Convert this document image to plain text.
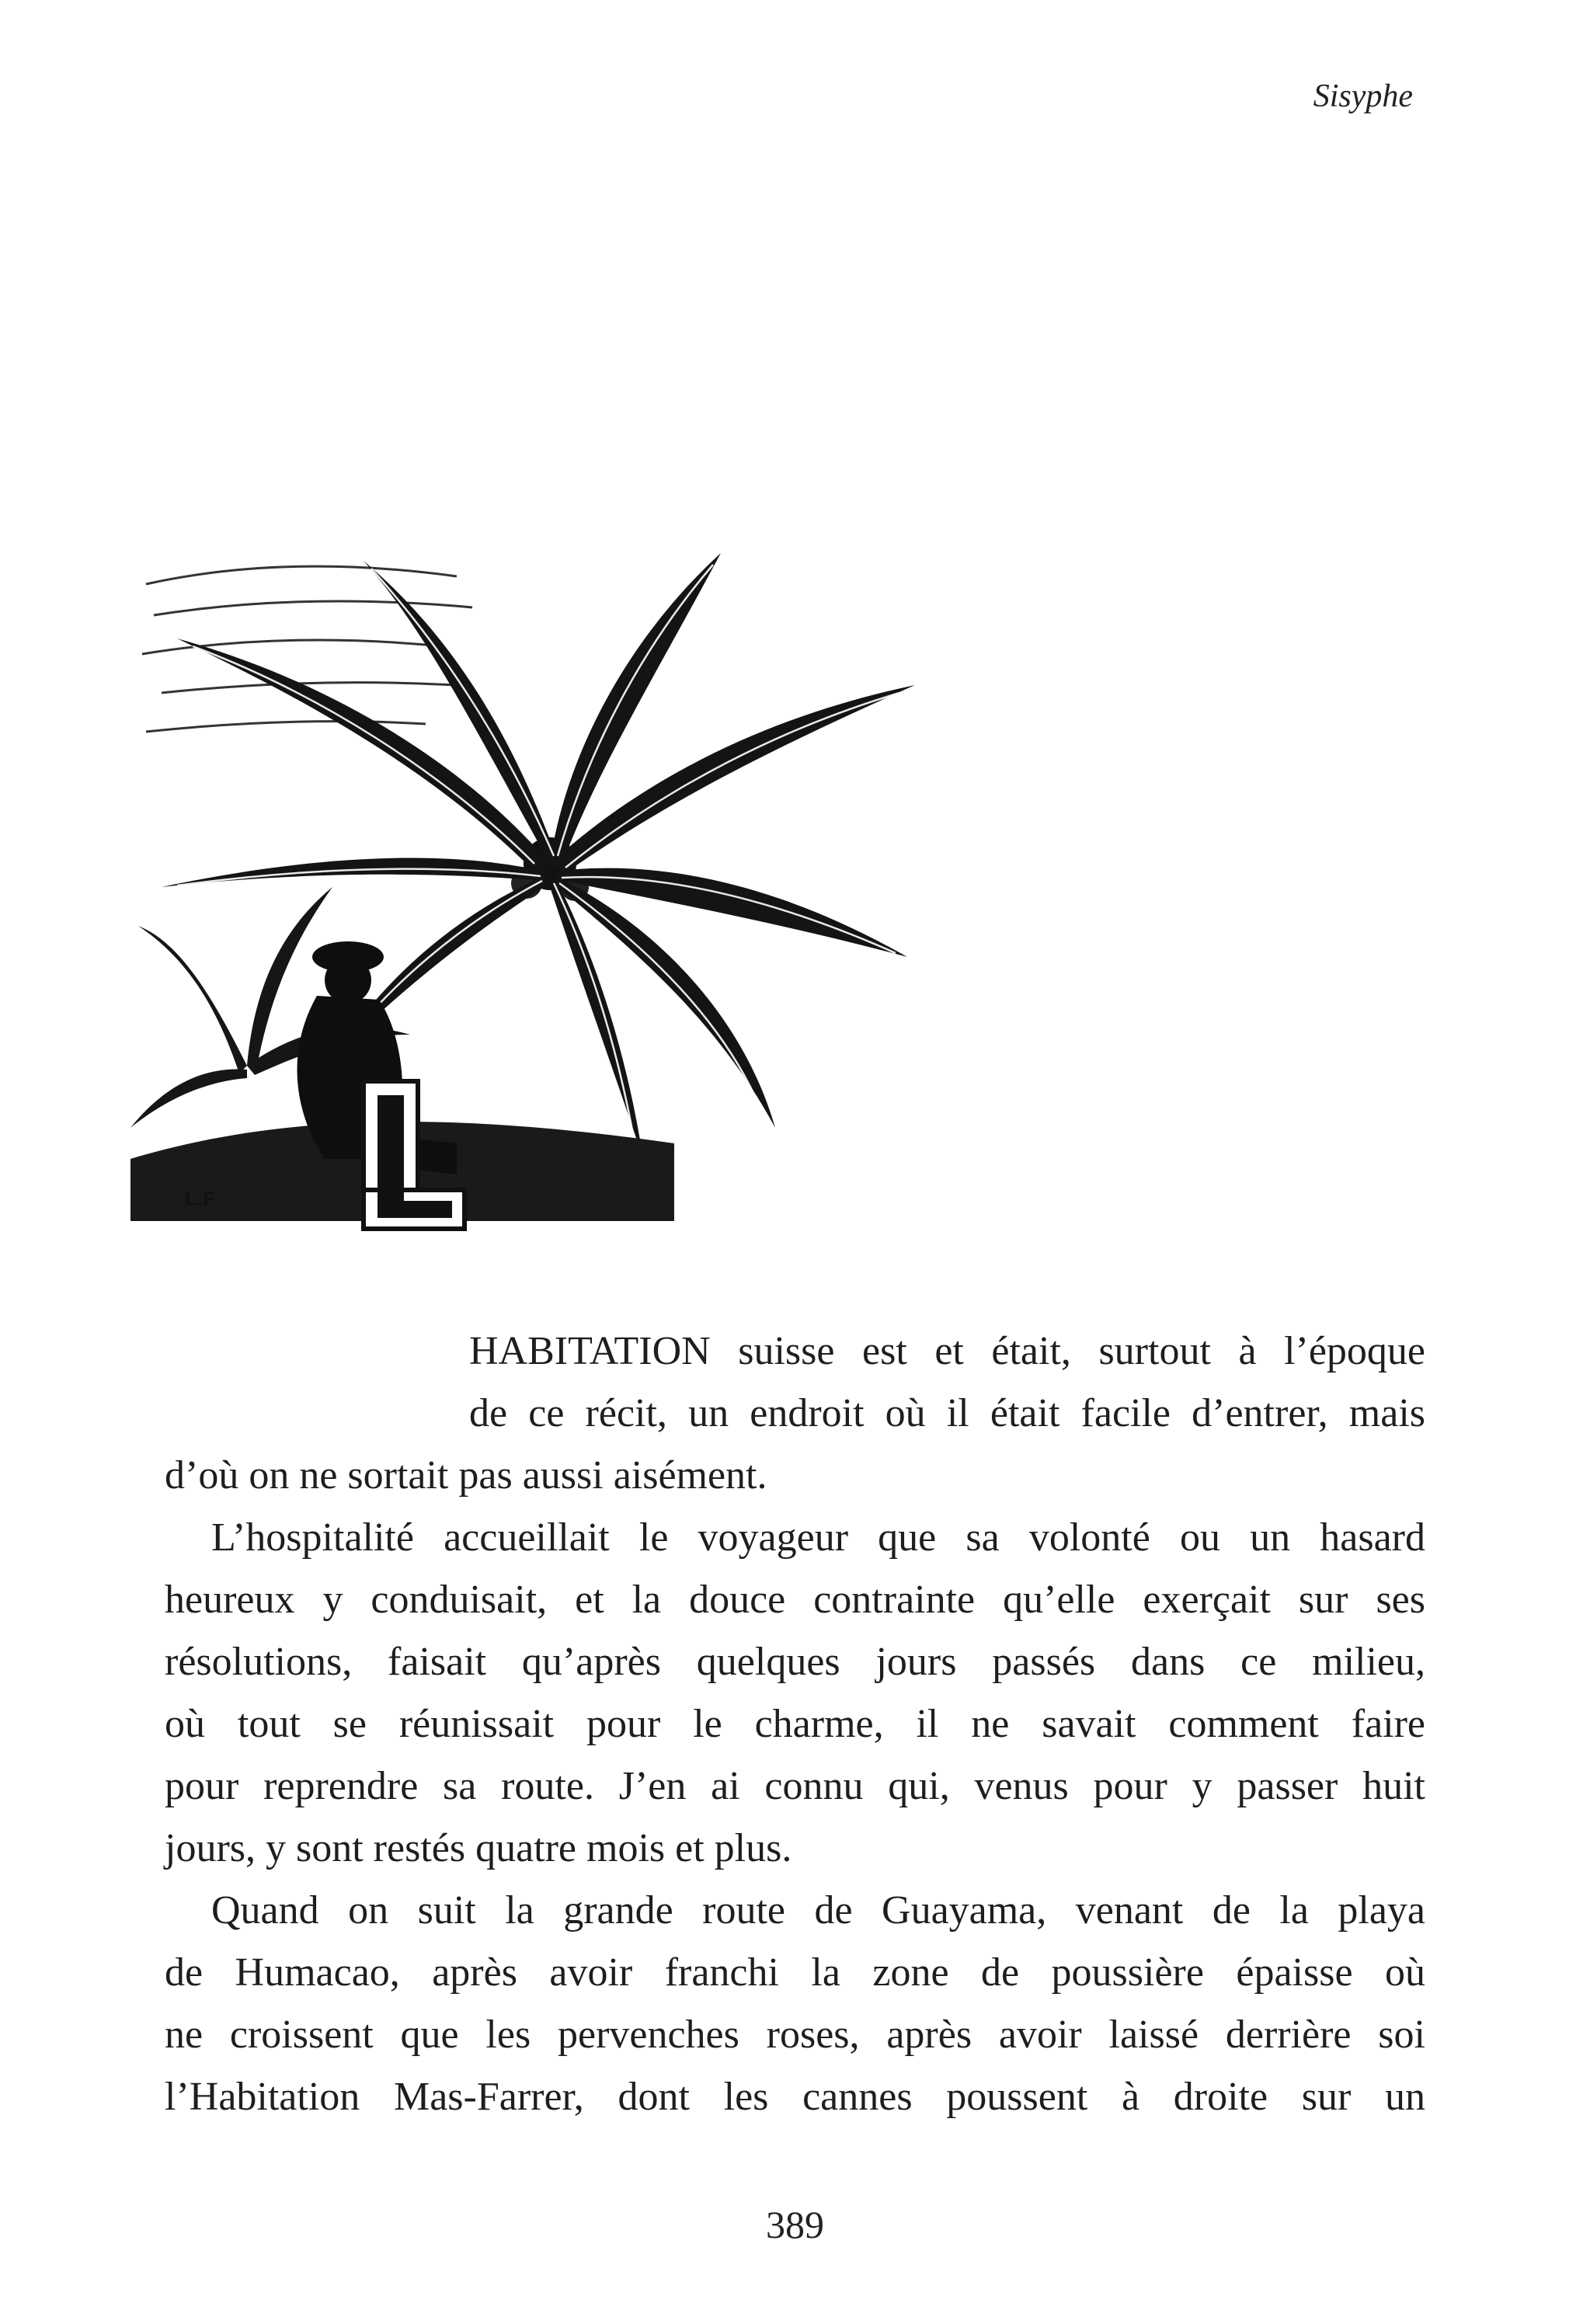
Sisyphe
L.F
HABITATION suisse est et était, surtout à l’époque
de ce récit, un endroit où il était facile d’entrer, mais
d’où on ne sortait pas aussi aisément.
L’hospitalité accueillait le voyageur que sa volonté ou un hasard
heureux y conduisait, et la douce contrainte qu’elle exerçait sur ses
résolutions, faisait qu’après quelques jours passés dans ce milieu,
où tout se réunissait pour le charme, il ne savait comment faire
pour reprendre sa route. J’en ai connu qui, venus pour y passer huit
jours, y sont restés quatre mois et plus.
Quand on suit la grande route de Guayama, venant de la playa
de Humacao, après avoir franchi la zone de poussière épaisse où
ne croissent que les pervenches roses, après avoir laissé derrière soi
l’Habitation Mas-Farrer, dont les cannes poussent à droite sur un
389
